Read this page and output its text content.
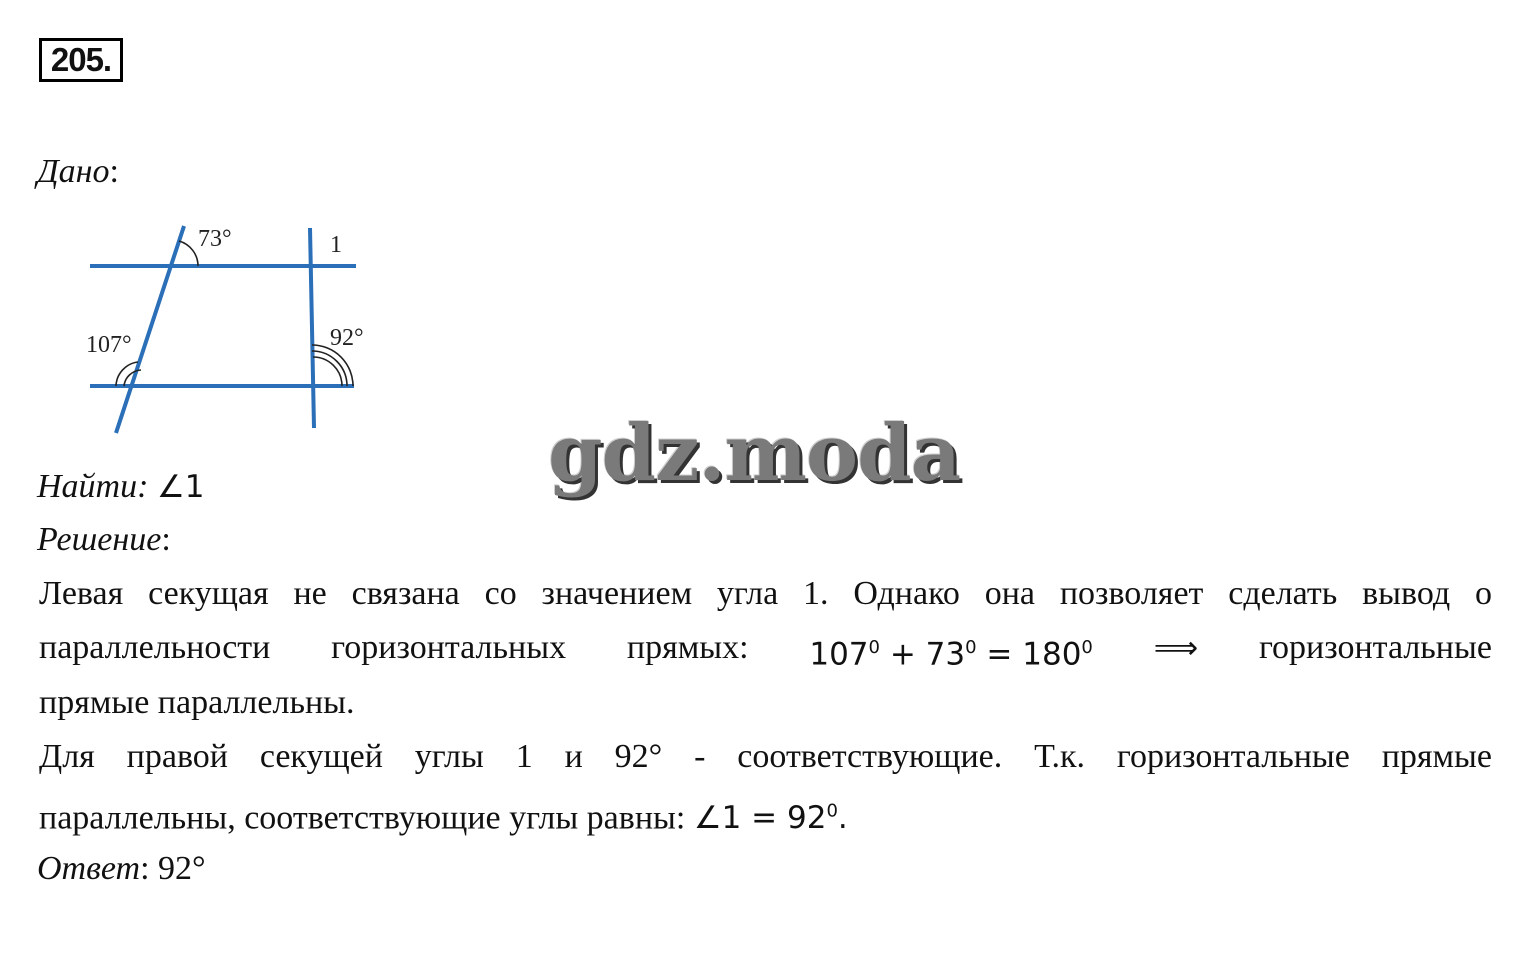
205.
Дано:
73°	1
107°	92°
gdz.moda
Найти: ∠1
Решение:
Левая секущая не связана со значением угла 1. Однако она позволяет сделать вывод о
параллельности горизонтальных прямых: $107^0 + 73^0 = 180^0$ ⟹ горизонтальные
прямые параллельны.
Для правой секущей углы 1 и 92° - соответствующие. Т.к. горизонтальные прямые
параллельны, соответствующие углы равны: ∠1 = $92^0$.
Ответ: 92°
